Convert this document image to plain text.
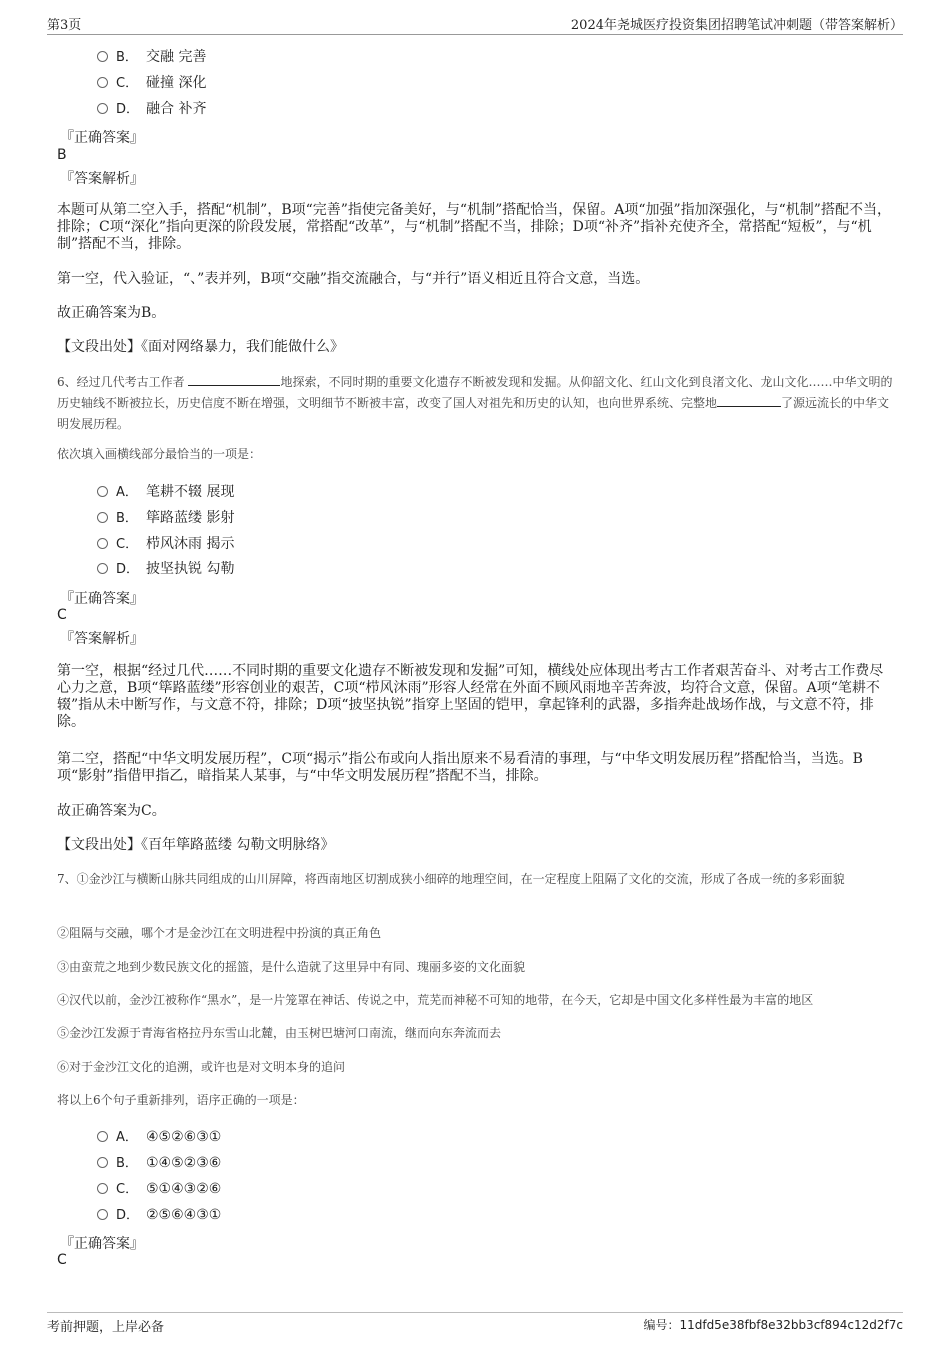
第3页	2024年尧城医疗投资集团招聘笔试冲刺题（带答案解析）
B． 交融 完善
C． 碰撞 深化
D． 融合 补齐
『正确答案』
B
『答案解析』
本题可从第二空入手，搭配“机制”，B项“完善”指使完备美好，与“机制”搭配恰当，保留。A项“加强”指加深强化，与“机制”搭配不当，排除；C项“深化”指向更深的阶段发展，常搭配“改革”，与“机制”搭配不当，排除；D项“补齐”指补充使齐全，常搭配“短板”，与“机制”搭配不当，排除。
第一空，代入验证，“、”表并列，B项“交融”指交流融合，与“并行”语义相近且符合文意，当选。
故正确答案为B。
【文段出处】《面对网络暴力，我们能做什么》
6、经过几代考古工作者	地探索，不同时期的重要文化遗存不断被发现和发掘。从仰韶文化、红山文化到良渚文化、龙山文化……中华文明的历史轴线不断被拉长，历史信度不断在增强，文明细节不断被丰富，改变了国人对祖先和历史的认知，也向世界系统、完整地	了源远流长的中华文明发展历程。
依次填入画横线部分最恰当的一项是：
A． 笔耕不辍 展现
B． 筚路蓝缕 影射
C． 栉风沐雨 揭示
D． 披坚执锐 勾勒
『正确答案』
C
『答案解析』
第一空，根据“经过几代……不同时期的重要文化遗存不断被发现和发掘”可知，横线处应体现出考古工作者艰苦奋斗、对考古工作费尽心力之意，B项“筚路蓝缕”形容创业的艰苦，C项“栉风沐雨”形容人经常在外面不顾风雨地辛苦奔波，均符合文意，保留。A项“笔耕不辍”指从未中断写作，与文意不符，排除；D项“披坚执锐”指穿上坚固的铠甲，拿起锋利的武器，多指奔赴战场作战，与文意不符，排除。
第二空，搭配“中华文明发展历程”，C项“揭示”指公布或向人指出原来不易看清的事理，与“中华文明发展历程”搭配恰当，当选。B项“影射”指借甲指乙，暗指某人某事，与“中华文明发展历程”搭配不当，排除。
故正确答案为C。
【文段出处】《百年筚路蓝缕 勾勒文明脉络》
7、①金沙江与横断山脉共同组成的山川屏障，将西南地区切割成狭小细碎的地理空间，在一定程度上阻隔了文化的交流，形成了各成一统的多彩面貌
②阻隔与交融，哪个才是金沙江在文明进程中扮演的真正角色
③由蛮荒之地到少数民族文化的摇篮，是什么造就了这里异中有同、瑰丽多姿的文化面貌
④汉代以前，金沙江被称作“黑水”，是一片笼罩在神话、传说之中，荒芜而神秘不可知的地带，在今天，它却是中国文化多样性最为丰富的地区
⑤金沙江发源于青海省格拉丹东雪山北麓，由玉树巴塘河口南流，继而向东奔流而去
⑥对于金沙江文化的追溯，或许也是对文明本身的追问
将以上6个句子重新排列，语序正确的一项是：
A． ④⑤②⑥③①
B． ①④⑤②③⑥
C． ⑤①④③②⑥
D． ②⑤⑥④③①
『正确答案』
C
考前押题，上岸必备	编号：11dfd5e38fbf8e32bb3cf894c12d2f7c
